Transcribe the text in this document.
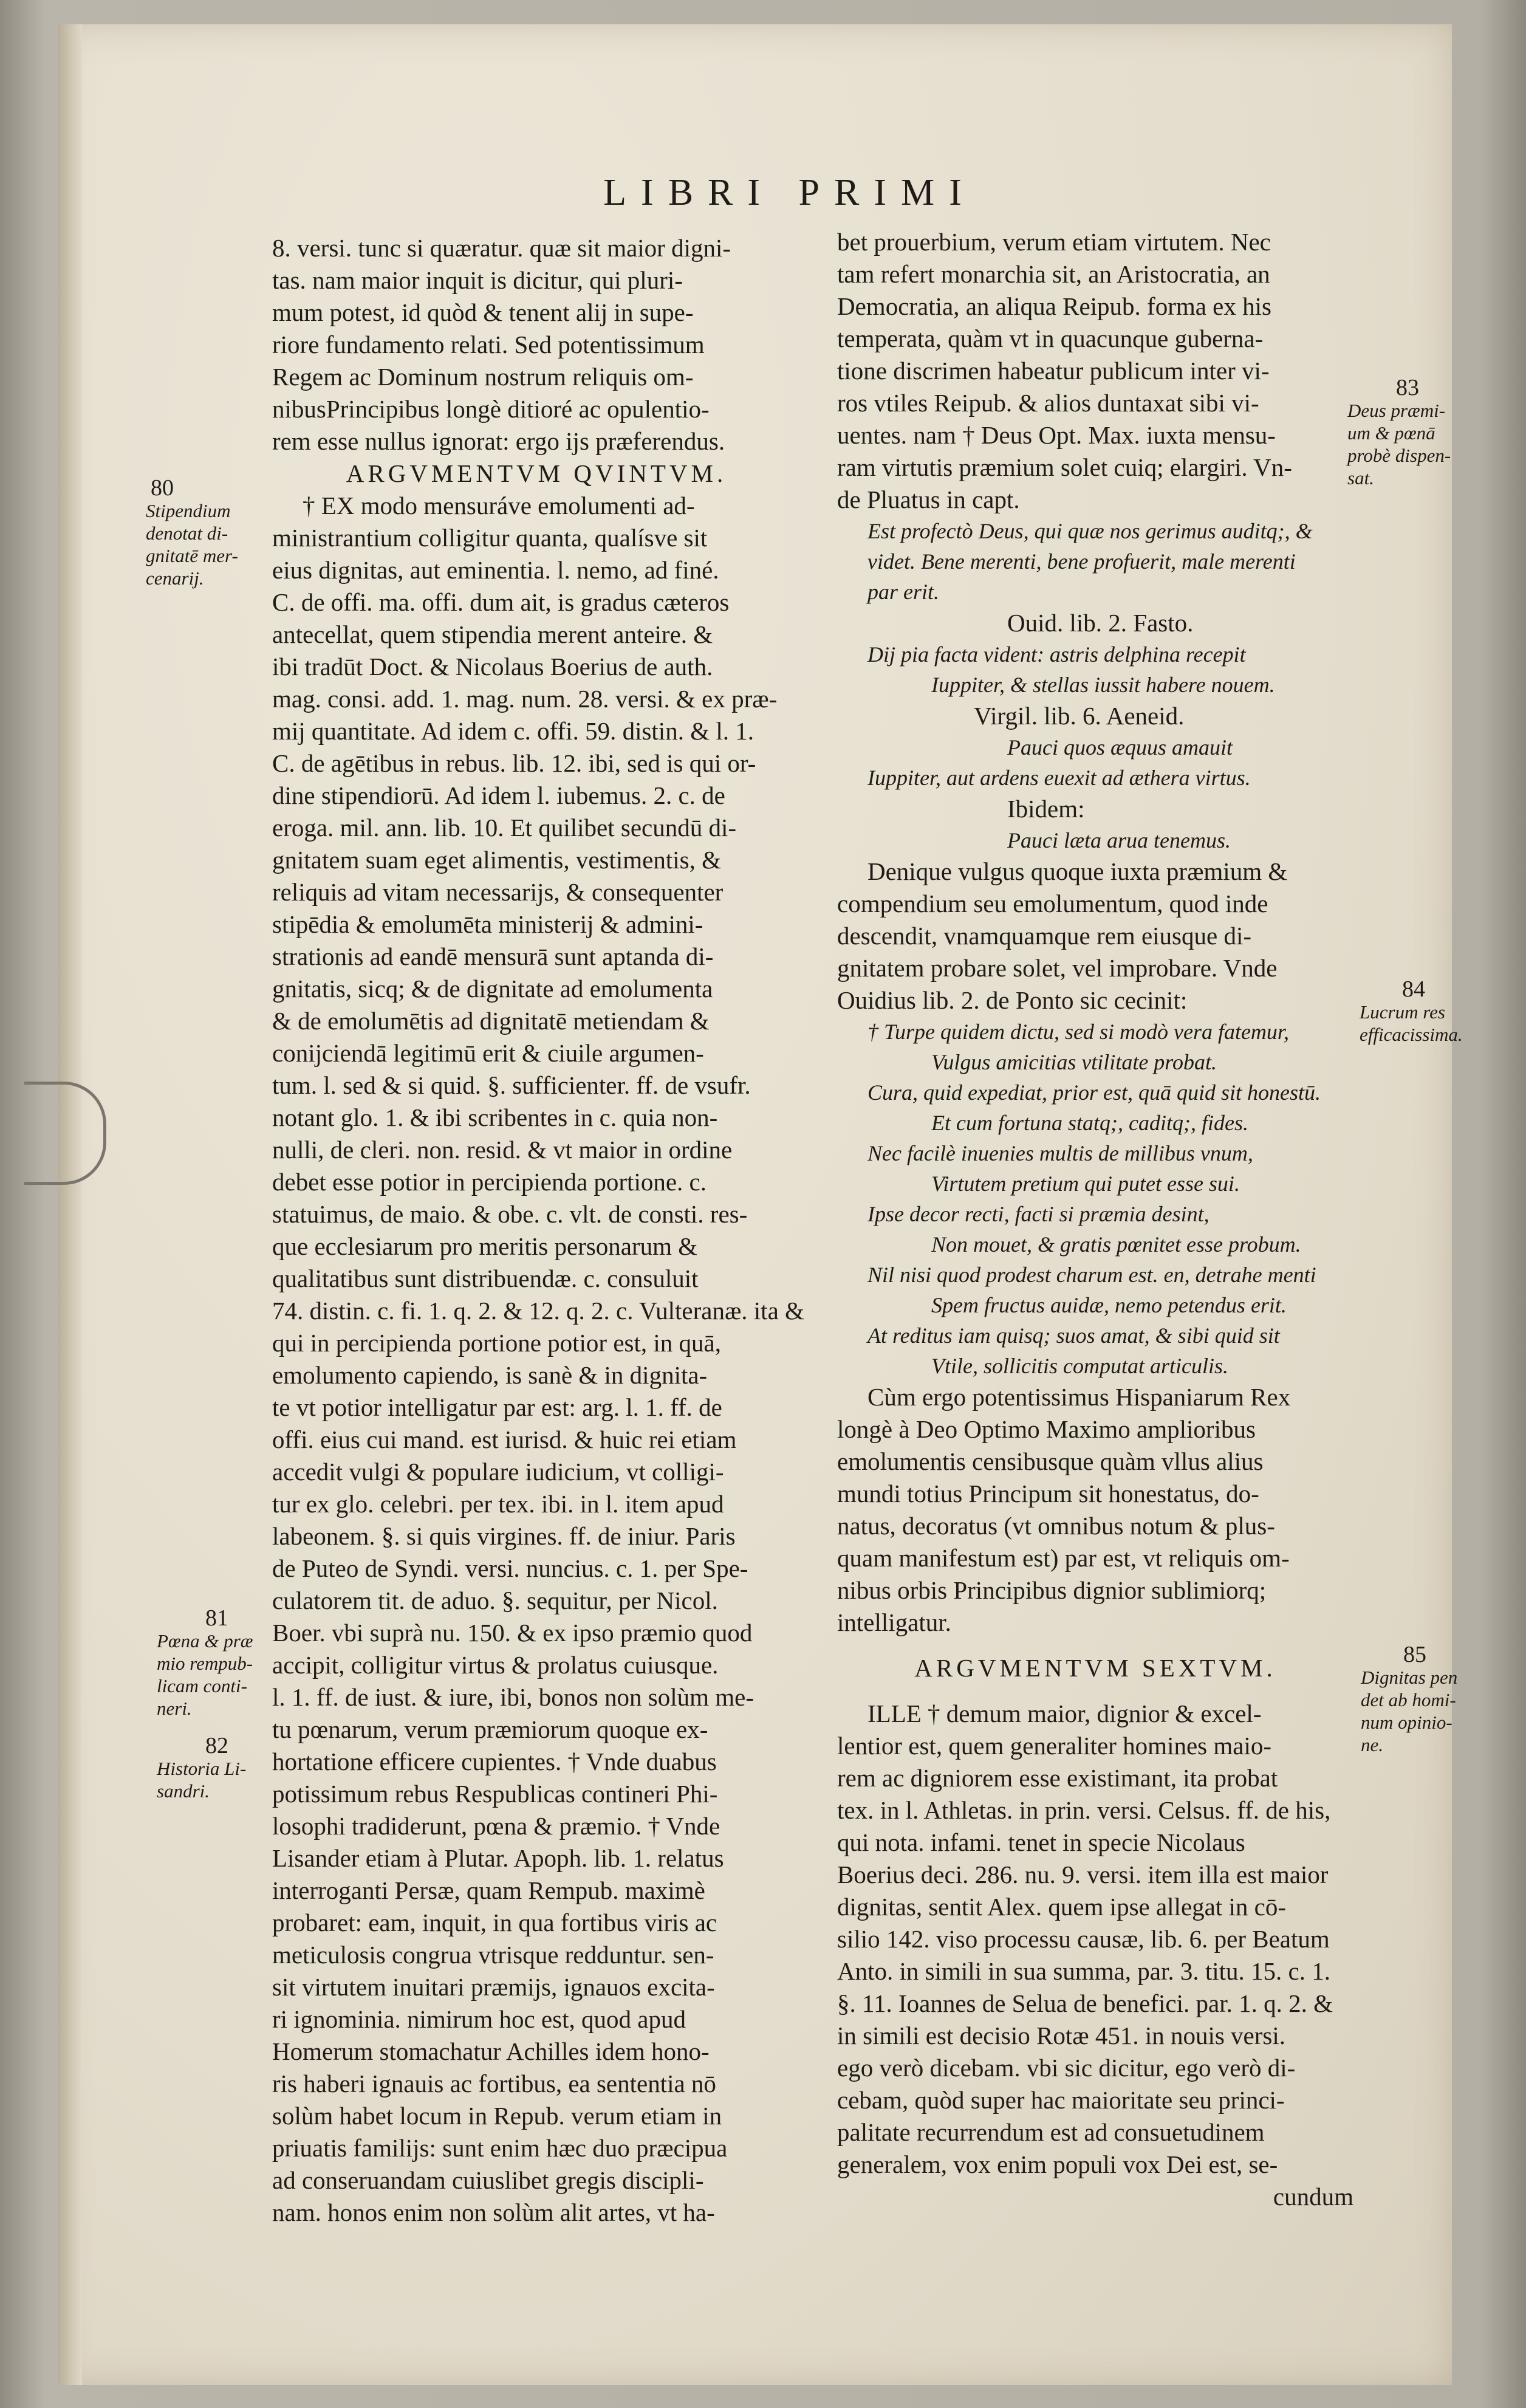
LIBRI PRIMI

8. versi. tunc si quæratur. quæ sit maior digni-

tas. nam maior inquit is dicitur, qui pluri-

mum potest, id quòd & tenent alij in supe-

riore fundamento relati. Sed potentissimum

Regem ac Dominum nostrum reliquis om-

nibusPrincipibus longè ditioré ac opulentio-

rem esse nullus ignorat: ergo ijs præferendus.

ARGVMENTVM QVINTVM.

† EX modo mensuráve emolumenti ad-

ministrantium colligitur quanta, qualísve sit

eius dignitas, aut eminentia. l. nemo, ad finé.

C. de offi. ma. offi. dum ait, is gradus cæteros

antecellat, quem stipendia merent anteire. &

ibi tradūt Doct. & Nicolaus Boerius de auth.

mag. consi. add. 1. mag. num. 28. versi. & ex præ-

mij quantitate. Ad idem c. offi. 59. distin. & l. 1.

C. de agētibus in rebus. lib. 12. ibi, sed is qui or-

dine stipendiorū. Ad idem l. iubemus. 2. c. de

eroga. mil. ann. lib. 10. Et quilibet secundū di-

gnitatem suam eget alimentis, vestimentis, &

reliquis ad vitam necessarijs, & consequenter

stipēdia & emolumēta ministerij & admini-

strationis ad eandē mensurā sunt aptanda di-

gnitatis, sicq; & de dignitate ad emolumenta

& de emolumētis ad dignitatē metiendam &

conijciendā legitimū erit & ciuile argumen-

tum. l. sed & si quid. §. sufficienter. ff. de vsufr.

notant glo. 1. & ibi scribentes in c. quia non-

nulli, de cleri. non. resid. & vt maior in ordine

debet esse potior in percipienda portione. c.

statuimus, de maio. & obe. c. vlt. de consti. res-

que ecclesiarum pro meritis personarum &

qualitatibus sunt distribuendæ. c. consuluit

74. distin. c. fi. 1. q. 2. & 12. q. 2. c. Vulteranæ. ita &

qui in percipienda portione potior est, in quā,

emolumento capiendo, is sanè & in dignita-

te vt potior intelligatur par est: arg. l. 1. ff. de

offi. eius cui mand. est iurisd. & huic rei etiam

accedit vulgi & populare iudicium, vt colligi-

tur ex glo. celebri. per tex. ibi. in l. item apud

labeonem. §. si quis virgines. ff. de iniur. Paris

de Puteo de Syndi. versi. nuncius. c. 1. per Spe-

culatorem tit. de aduo. §. sequitur, per Nicol.

Boer. vbi suprà nu. 150. & ex ipso præmio quod

accipit, colligitur virtus & prolatus cuiusque.

l. 1. ff. de iust. & iure, ibi, bonos non solùm me-

tu pœnarum, verum præmiorum quoque ex-

hortatione efficere cupientes. † Vnde duabus

potissimum rebus Respublicas contineri Phi-

losophi tradiderunt, pœna & præmio. † Vnde

Lisander etiam à Plutar. Apoph. lib. 1. relatus

interroganti Persæ, quam Rempub. maximè

probaret: eam, inquit, in qua fortibus viris ac

meticulosis congrua vtrisque redduntur. sen-

sit virtutem inuitari præmijs, ignauos excita-

ri ignominia. nimirum hoc est, quod apud

Homerum stomachatur Achilles idem hono-

ris haberi ignauis ac fortibus, ea sententia nō

solùm habet locum in Repub. verum etiam in

priuatis familijs: sunt enim hæc duo præcipua

ad conseruandam cuiuslibet gregis discipli-

nam. honos enim non solùm alit artes, vt ha-

bet prouerbium, verum etiam virtutem. Nec

tam refert monarchia sit, an Aristocratia, an

Democratia, an aliqua Reipub. forma ex his

temperata, quàm vt in quacunque guberna-

tione discrimen habeatur publicum inter vi-

ros vtiles Reipub. & alios duntaxat sibi vi-

uentes. nam † Deus Opt. Max. iuxta mensu-

ram virtutis præmium solet cuiq; elargiri. Vn-

de Pluatus in capt.

Est profectò Deus, qui quæ nos gerimus auditq;, &

videt. Bene merenti, bene profuerit, male merenti

par erit.

Ouid. lib. 2. Fasto.

Dij pia facta vident: astris delphina recepit

Iuppiter, & stellas iussit habere nouem.

Virgil. lib. 6. Aeneid.

Pauci quos æquus amauit

Iuppiter, aut ardens euexit ad æthera virtus.

Ibidem:

Pauci læta arua tenemus.

Denique vulgus quoque iuxta præmium &

compendium seu emolumentum, quod inde

descendit, vnamquamque rem eiusque di-

gnitatem probare solet, vel improbare. Vnde

Ouidius lib. 2. de Ponto sic cecinit:

† Turpe quidem dictu, sed si modò vera fatemur,

Vulgus amicitias vtilitate probat.

Cura, quid expediat, prior est, quā quid sit honestū.

Et cum fortuna statq;, caditq;, fides.

Nec facilè inuenies multis de millibus vnum,

Virtutem pretium qui putet esse sui.

Ipse decor recti, facti si præmia desint,

Non mouet, & gratis pœnitet esse probum.

Nil nisi quod prodest charum est. en, detrahe menti

Spem fructus auidæ, nemo petendus erit.

At reditus iam quisq; suos amat, & sibi quid sit

Vtile, sollicitis computat articulis.

Cùm ergo potentissimus Hispaniarum Rex

longè à Deo Optimo Maximo amplioribus

emolumentis censibusque quàm vllus alius

mundi totius Principum sit honestatus, do-

natus, decoratus (vt omnibus notum & plus-

quam manifestum est) par est, vt reliquis om-

nibus orbis Principibus dignior sublimiorq;

intelligatur.

ARGVMENTVM SEXTVM.

ILLE † demum maior, dignior & excel-

lentior est, quem generaliter homines maio-

rem ac digniorem esse existimant, ita probat

tex. in l. Athletas. in prin. versi. Celsus. ff. de his,

qui nota. infami. tenet in specie Nicolaus

Boerius deci. 286. nu. 9. versi. item illa est maior

dignitas, sentit Alex. quem ipse allegat in cō-

silio 142. viso processu causæ, lib. 6. per Beatum

Anto. in simili in sua summa, par. 3. titu. 15. c. 1.

§. 11. Ioannes de Selua de benefici. par. 1. q. 2. &

in simili est decisio Rotæ 451. in nouis versi.

ego verò dicebam. vbi sic dicitur, ego verò di-

cebam, quòd super hac maioritate seu princi-

palitate recurrendum est ad consuetudinem

generalem, vox enim populi vox Dei est, se-

cundum

80
Stipendium
denotat di-
gnitatē mer-
cenarij.
81
Pœna & præ
mio rempub-
licam conti-
neri.
82
Historia Li-
sandri.
83
Deus præmi-
um & pœnā
probè dispen-
sat.
84
Lucrum res
efficacissima.
85
Dignitas pen
det ab homi-
num opinio-
ne.
